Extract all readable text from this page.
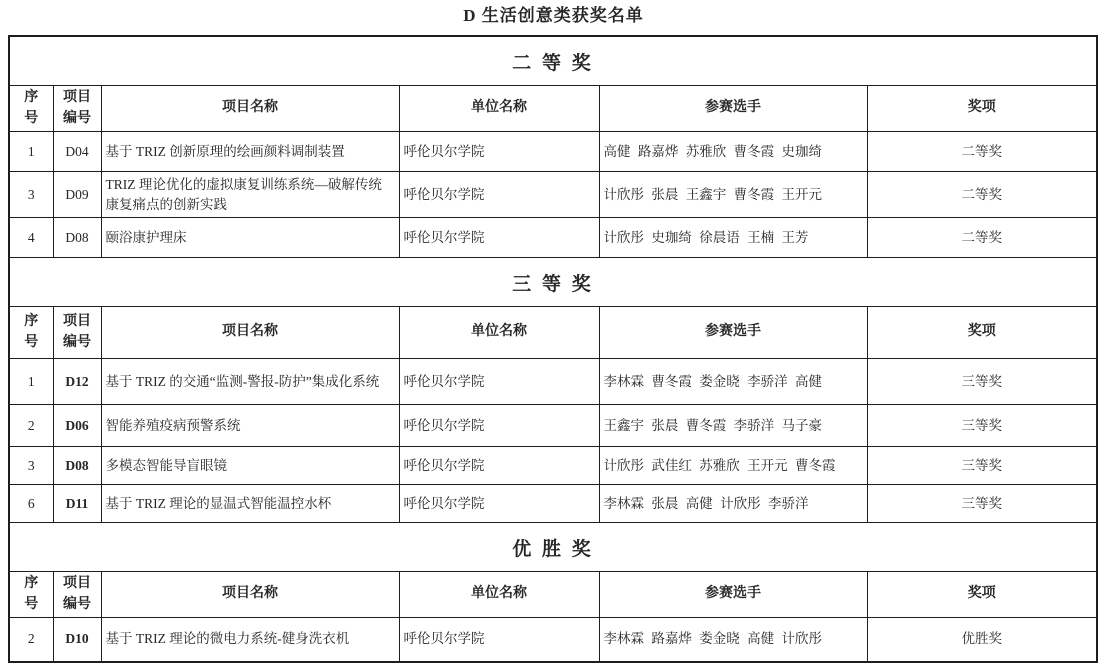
D 生活创意类获奖名单
二 等 奖					
序号	项目编号	项目名称	单位名称	参赛选手	奖项
1	D04	基于 TRIZ 创新原理的绘画颜料调制装置	呼伦贝尔学院	高健 路嘉烨 苏雅欣 曹冬霞 史珈绮	二等奖
3	D09	TRIZ 理论优化的虚拟康复训练系统—破解传统康复痛点的创新实践	呼伦贝尔学院	计欣彤 张晨 王鑫宇 曹冬霞 王开元	二等奖
4	D08	颐浴康护理床	呼伦贝尔学院	计欣彤 史珈绮 徐晨语 王楠 王芳	二等奖
三 等 奖					
序号	项目编号	项目名称	单位名称	参赛选手	奖项
1	D12	基于 TRIZ 的交通“监测-警报-防护”集成化系统	呼伦贝尔学院	李林霖 曹冬霞 娄金晓 李骄洋 高健	三等奖
2	D06	智能养殖疫病预警系统	呼伦贝尔学院	王鑫宇 张晨 曹冬霞 李骄洋 马子豪	三等奖
3	D08	多模态智能导盲眼镜	呼伦贝尔学院	计欣彤 武佳红 苏雅欣 王开元 曹冬霞	三等奖
6	D11	基于 TRIZ 理论的显温式智能温控水杯	呼伦贝尔学院	李林霖 张晨 高健 计欣彤 李骄洋	三等奖
优 胜 奖					
序号	项目编号	项目名称	单位名称	参赛选手	奖项
2	D10	基于 TRIZ 理论的微电力系统-健身洗衣机	呼伦贝尔学院	李林霖 路嘉烨 娄金晓 高健 计欣彤	优胜奖
